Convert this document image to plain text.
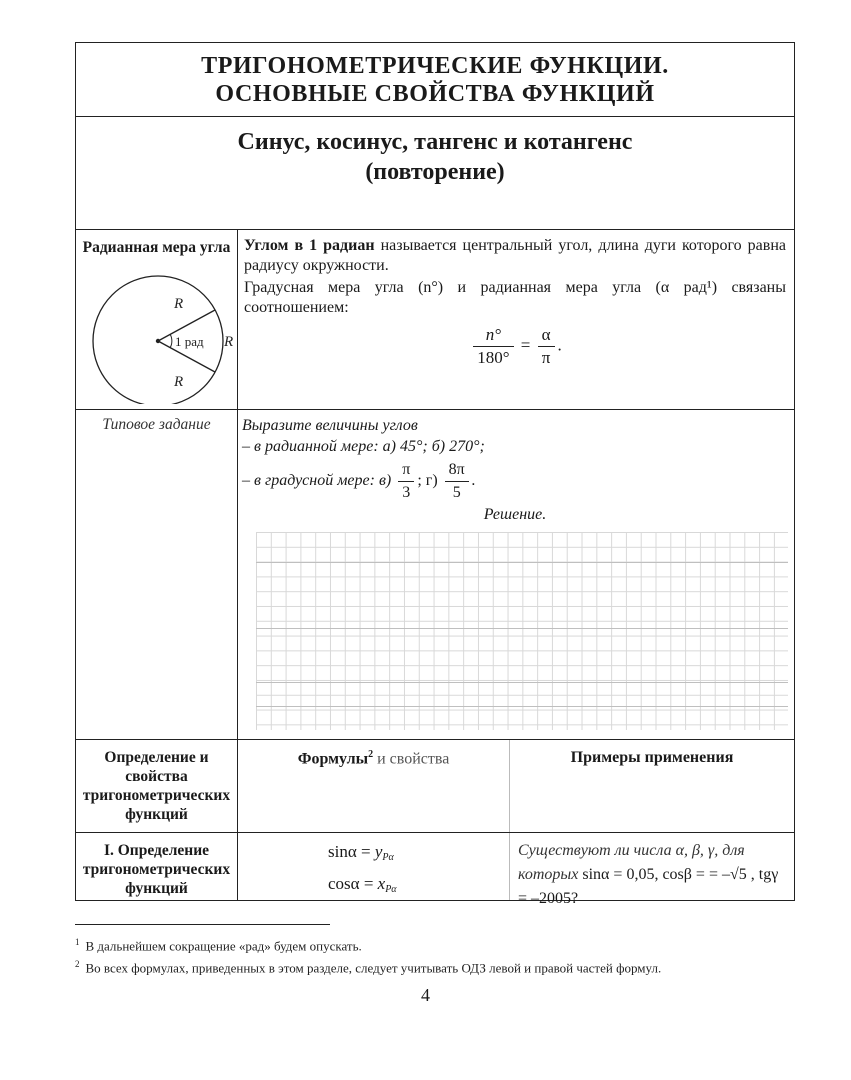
ТРИГОНОМЕТРИЧЕСКИЕ ФУНКЦИИ.
ОСНОВНЫЕ СВОЙСТВА ФУНКЦИЙ
Синус, косинус, тангенс и котангенс
(повторение)
Радианная мера угла
R
R
R
1 рад
Углом в 1 радиан называется центральный угол, длина дуги которого равна радиусу окружности.
Градусная мера угла (n°) и радианная мера угла (α рад¹) связаны соотношением:
$\frac{n^\circ}{180^\circ} = \frac{\alpha}{\pi}$ .
Типовое задание	Выразите величины углов
– в радианной мере: а) 45°; б) 270°;
– в градусной мере: $в) \frac{\pi}{3}$ ; $г) \frac{8\pi}{5}$ .
Решение.
Определение и свойства тригонометрических функций
Формулы$^2$ и свойства	Примеры применения
I. Определение тригонометрических функций
sinα = yPα
cosα = xPα
Существуют ли числа α, β, γ, для которых sinα = 0,05, cosβ = = –√5 , tgγ = –2005?
$^1$ В дальнейшем сокращение «рад» будем опускать.
$^2$ Во всех формулах, приведенных в этом разделе, следует учитывать ОДЗ левой и правой частей формул.
4
